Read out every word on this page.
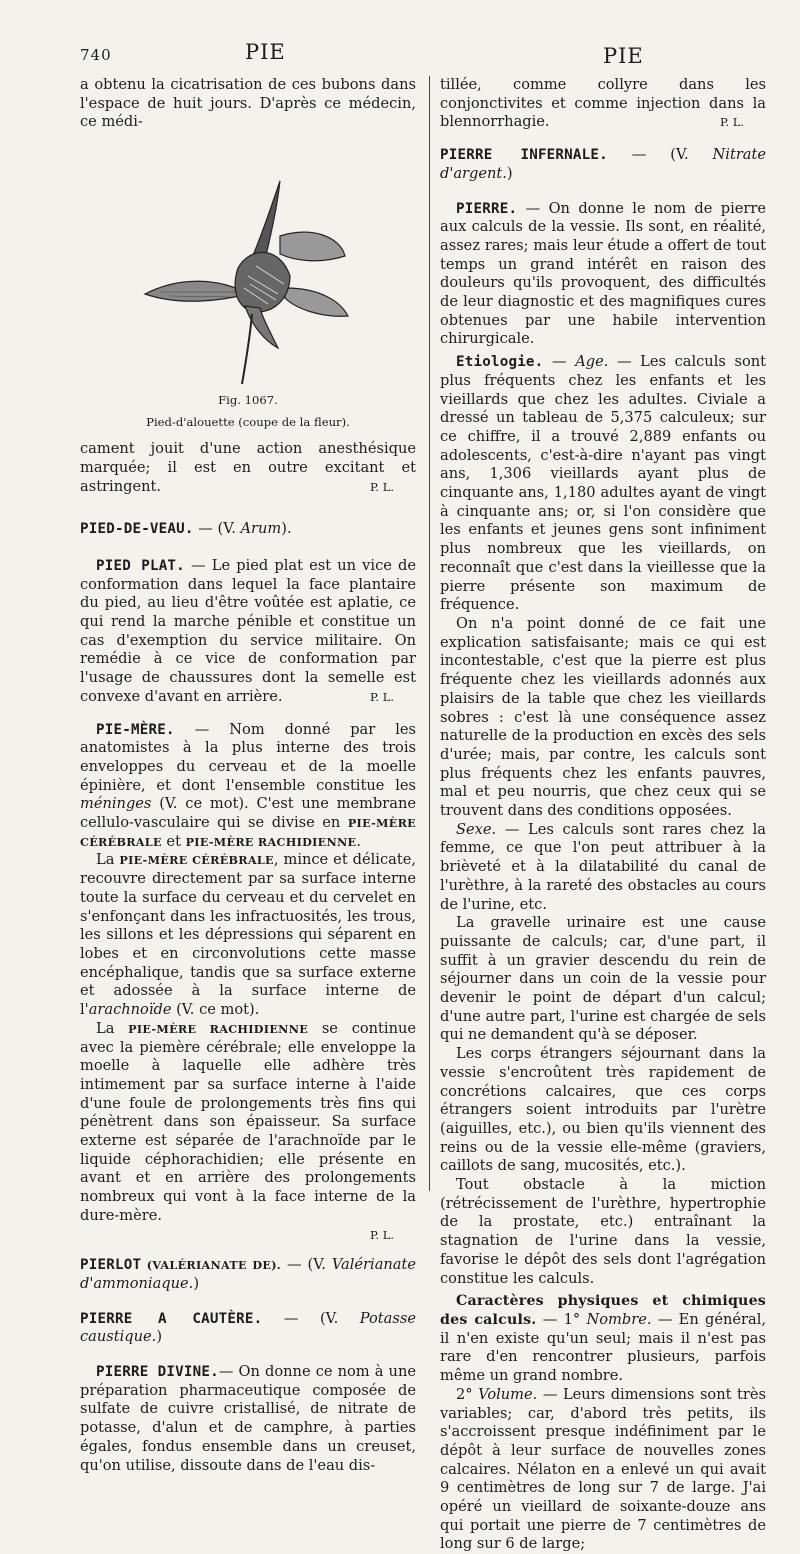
740	PIE	PIE

a obtenu la cicatrisation de ces bubons dans l'espace de huit jours. D'après ce médecin, ce médi-

Fig. 1067.
Pied-d'alouette (coupe de la fleur).

cament jouit d'une action anesthésique marquée; il est en outre excitant et astringent.	P. L.

PIED-DE-VEAU. — (V. Arum).

PIED PLAT. — Le pied plat est un vice de conformation dans lequel la face plantaire du pied, au lieu d'être voûtée est aplatie, ce qui rend la marche pénible et constitue un cas d'exemption du service militaire. On remédie à ce vice de conformation par l'usage de chaussures dont la semelle est convexe d'avant en arrière.	P. L.

PIE-MÈRE. — Nom donné par les anatomistes à la plus interne des trois enveloppes du cerveau et de la moelle épinière, et dont l'ensemble constitue les méninges (V. ce mot). C'est une membrane cellulo-vasculaire qui se divise en PIE-MÈRE CÉRÉBRALE et PIE-MÈRE RACHIDIENNE.

La PIE-MÈRE CÉRÉBRALE, mince et délicate, recouvre directement par sa surface interne toute la surface du cerveau et du cervelet en s'enfonçant dans les infractuosités, les trous, les sillons et les dépressions qui séparent en lobes et en circonvolutions cette masse encéphalique, tandis que sa surface externe et adossée à la surface interne de l'arachnoïde (V. ce mot).

La PIE-MÈRE RACHIDIENNE se continue avec la piemère cérébrale; elle enveloppe la moelle à laquelle elle adhère très intimement par sa surface interne à l'aide d'une foule de prolongements très fins qui pénètrent dans son épaisseur. Sa surface externe est séparée de l'arachnoïde par le liquide céphorachidien; elle présente en avant et en arrière des prolongements nombreux qui vont à la face interne de la dure-mère.

P. L.

PIERLOT (VALÉRIANATE DE). — (V. Valérianate d'ammoniaque.)

PIERRE A CAUTÈRE. — (V. Potasse caustique.)

PIERRE DIVINE.— On donne ce nom à une préparation pharmaceutique composée de sulfate de cuivre cristallisé, de nitrate de potasse, d'alun et de camphre, à parties égales, fondus ensemble dans un creuset, qu'on utilise, dissoute dans de l'eau dis-

tillée, comme collyre dans les conjonctivites et comme injection dans la blennorrhagie.	P. L.

PIERRE INFERNALE. — (V. Nitrate d'argent.)

PIERRE. — On donne le nom de pierre aux calculs de la vessie. Ils sont, en réalité, assez rares; mais leur étude a offert de tout temps un grand intérêt en raison des douleurs qu'ils provoquent, des difficultés de leur diagnostic et des magnifiques cures obtenues par une habile intervention chirurgicale.

Etiologie. — Age. — Les calculs sont plus fréquents chez les enfants et les vieillards que chez les adultes. Civiale a dressé un tableau de 5,375 calculeux; sur ce chiffre, il a trouvé 2,889 enfants ou adolescents, c'est-à-dire n'ayant pas vingt ans, 1,306 vieillards ayant plus de cinquante ans, 1,180 adultes ayant de vingt à cinquante ans; or, si l'on considère que les enfants et jeunes gens sont infiniment plus nombreux que les vieillards, on reconnaît que c'est dans la vieillesse que la pierre présente son maximum de fréquence.

On n'a point donné de ce fait une explication satisfaisante; mais ce qui est incontestable, c'est que la pierre est plus fréquente chez les vieillards adonnés aux plaisirs de la table que chez les vieillards sobres : c'est là une conséquence assez naturelle de la production en excès des sels d'urée; mais, par contre, les calculs sont plus fréquents chez les enfants pauvres, mal et peu nourris, que chez ceux qui se trouvent dans des conditions opposées.

Sexe. — Les calculs sont rares chez la femme, ce que l'on peut attribuer à la brièveté et à la dilatabilité du canal de l'urèthre, à la rareté des obstacles au cours de l'urine, etc.

La gravelle urinaire est une cause puissante de calculs; car, d'une part, il suffit à un gravier descendu du rein de séjourner dans un coin de la vessie pour devenir le point de départ d'un calcul; d'une autre part, l'urine est chargée de sels qui ne demandent qu'à se déposer.

Les corps étrangers séjournant dans la vessie s'encroûtent très rapidement de concrétions calcaires, que ces corps étrangers soient introduits par l'urètre (aiguilles, etc.), ou bien qu'ils viennent des reins ou de la vessie elle-même (graviers, caillots de sang, mucosités, etc.).

Tout obstacle à la miction (rétrécissement de l'urèthre, hypertrophie de la prostate, etc.) entraînant la stagnation de l'urine dans la vessie, favorise le dépôt des sels dont l'agrégation constitue les calculs.

Caractères physiques et chimiques des calculs. — 1° Nombre. — En général, il n'en existe qu'un seul; mais il n'est pas rare d'en rencontrer plusieurs, parfois même un grand nombre.

2° Volume. — Leurs dimensions sont très variables; car, d'abord très petits, ils s'accroissent presque indéfiniment par le dépôt à leur surface de nouvelles zones calcaires. Nélaton en a enlevé un qui avait 9 centimètres de long sur 7 de large. J'ai opéré un vieillard de soixante-douze ans qui portait une pierre de 7 centimètres de long sur 6 de large;
